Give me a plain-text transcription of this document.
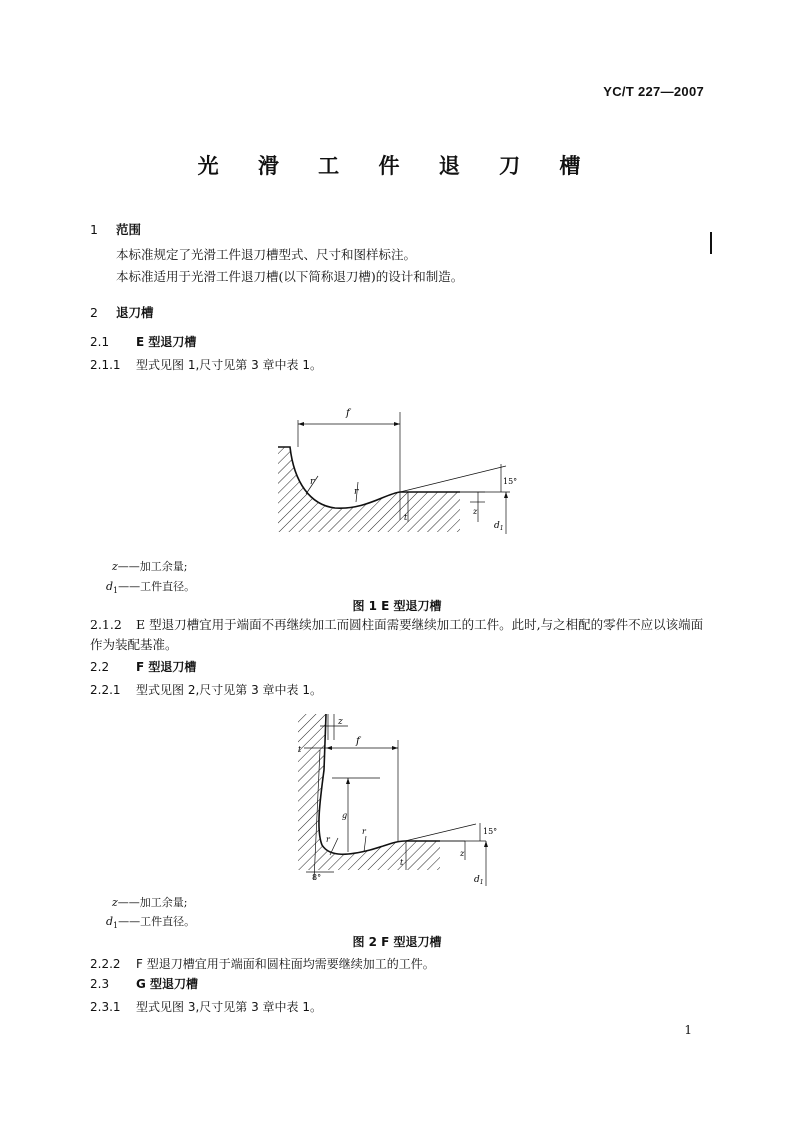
YC/T 227—2007
光 滑 工 件 退 刀 槽
1 范围
本标准规定了光滑工件退刀槽型式、尺寸和图样标注。
本标准适用于光滑工件退刀槽(以下简称退刀槽)的设计和制造。
2 退刀槽
2.1 E 型退刀槽
2.1.1 型式见图 1,尺寸见第 3 章中表 1。
f
r
r
t
z
$d_1$
15°
z——加工余量;
$d_1——$工件直径。
图 1 E 型退刀槽
2.1.2 E 型退刀槽宜用于端面不再继续加工而圆柱面需要继续加工的工件。此时,与之相配的零件不应以该端面作为装配基准。
2.2 F 型退刀槽
2.2.1 型式见图 2,尺寸见第 3 章中表 1。
z
t
f
g
r
r
t
z
$d_1$
15°
8°
z——加工余量;
$d_1——$工件直径。
图 2 F 型退刀槽
2.2.2 F 型退刀槽宜用于端面和圆柱面均需要继续加工的工件。
2.3 G 型退刀槽
2.3.1 型式见图 3,尺寸见第 3 章中表 1。
1
